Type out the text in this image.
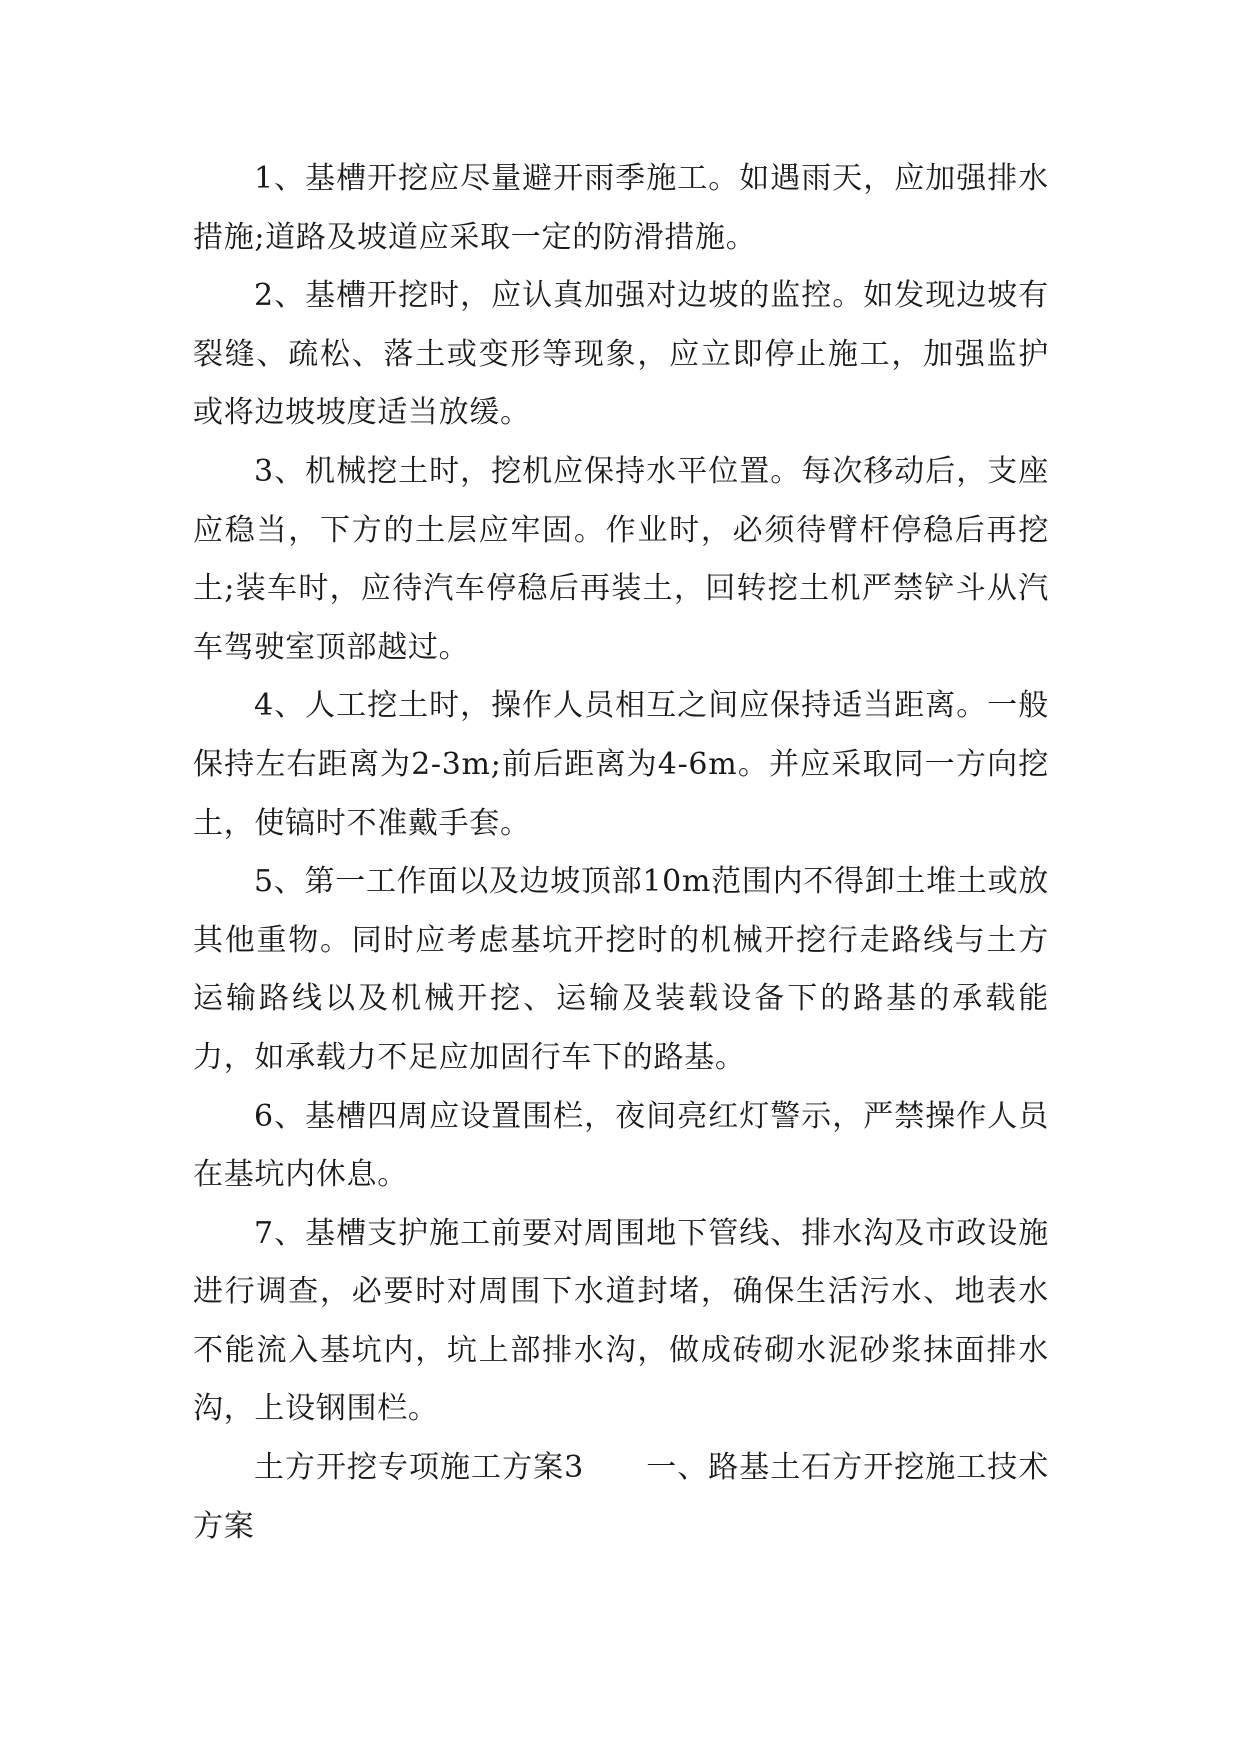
1、基槽开挖应尽量避开雨季施工。如遇雨天，应加强排水措施;道路及坡道应采取一定的防滑措施。

2、基槽开挖时，应认真加强对边坡的监控。如发现边坡有裂缝、疏松、落土或变形等现象，应立即停止施工，加强监护或将边坡坡度适当放缓。

3、机械挖土时，挖机应保持水平位置。每次移动后，支座应稳当，下方的土层应牢固。作业时，必须待臂杆停稳后再挖土;装车时，应待汽车停稳后再装土，回转挖土机严禁铲斗从汽车驾驶室顶部越过。

4、人工挖土时，操作人员相互之间应保持适当距离。一般保持左右距离为2-3m;前后距离为4-6m。并应采取同一方向挖土，使镐时不准戴手套。

5、第一工作面以及边坡顶部10m范围内不得卸土堆土或放其他重物。同时应考虑基坑开挖时的机械开挖行走路线与土方运输路线以及机械开挖、运输及装载设备下的路基的承载能力，如承载力不足应加固行车下的路基。

6、基槽四周应设置围栏，夜间亮红灯警示，严禁操作人员在基坑内休息。

7、基槽支护施工前要对周围地下管线、排水沟及市政设施进行调查，必要时对周围下水道封堵，确保生活污水、地表水不能流入基坑内，坑上部排水沟，做成砖砌水泥砂浆抹面排水沟，上设钢围栏。

土方开挖专项施工方案3　　一、路基土石方开挖施工技术方案
